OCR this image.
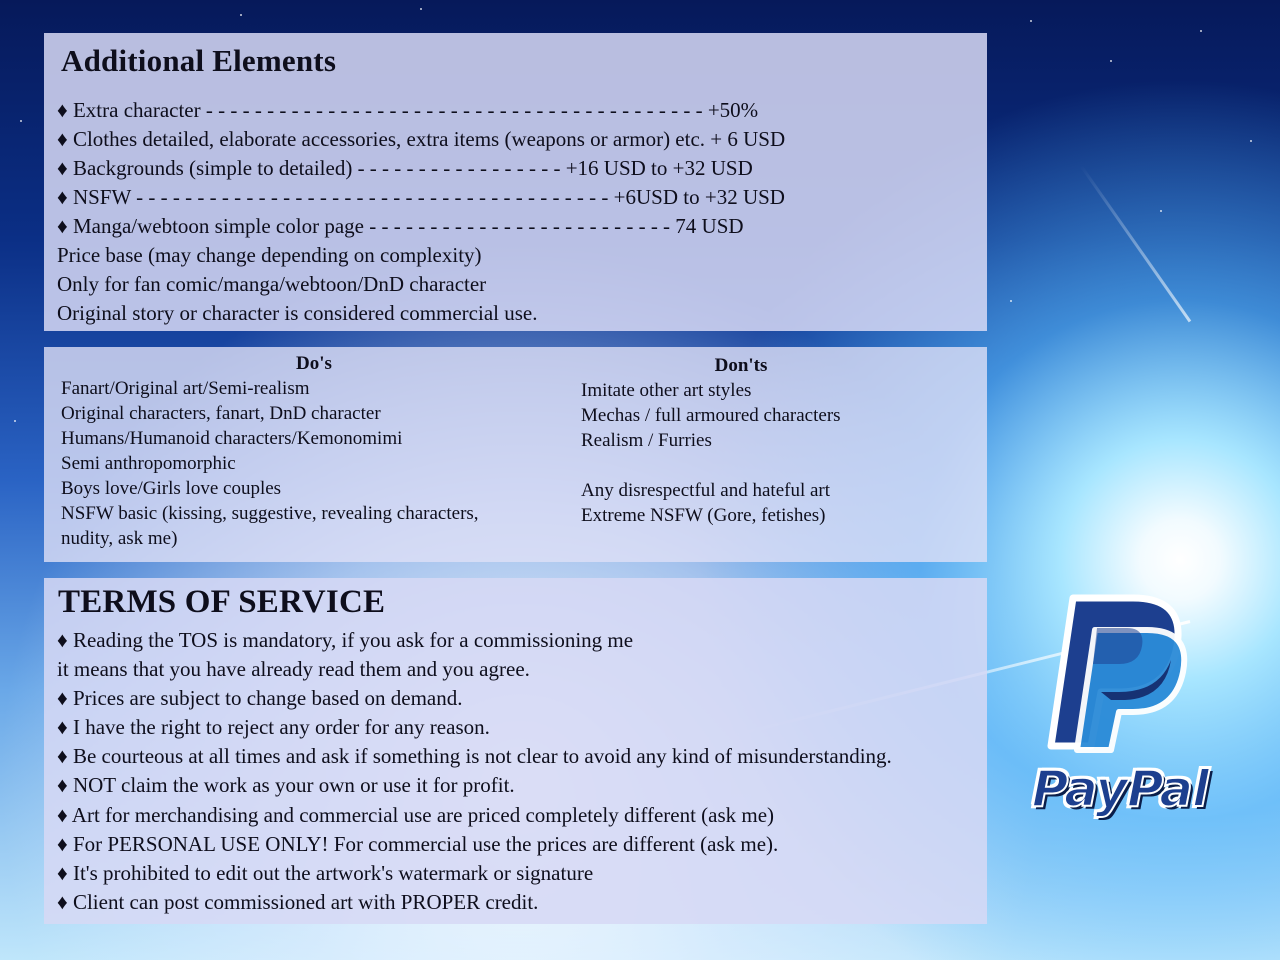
Additional Elements
♦ Extra character - - - - - - - - - - - - - - - - - - - - - - - - - - - - - - - - - - - - - - - - - +50%
♦ Clothes detailed, elaborate accessories, extra items (weapons or armor) etc. + 6 USD
♦ Backgrounds (simple to detailed) - - - - - - - - - - - - - - - - - +16 USD to +32 USD
♦ NSFW - - - - - - - - - - - - - - - - - - - - - - - - - - - - - - - - - - - - - - - +6USD to +32 USD
♦ Manga/webtoon simple color page - - - - - - - - - - - - - - - - - - - - - - - - - 74 USD
Price base (may change depending on complexity)
Only for fan comic/manga/webtoon/DnD character
Original story or character is considered commercial use.
Do's
Fanart/Original art/Semi-realism
Original characters, fanart, DnD character
Humans/Humanoid characters/Kemonomimi
Semi anthropomorphic
Boys love/Girls love couples
NSFW basic (kissing, suggestive, revealing characters,
nudity, ask me)
Don'ts
Imitate other art styles
Mechas / full armoured characters
Realism / Furries
Any disrespectful and hateful art
Extreme NSFW (Gore, fetishes)
TERMS OF SERVICE
♦ Reading the TOS is mandatory, if you ask for a commissioning me
it means that you have already read them and you agree.
♦ Prices are subject to change based on demand.
♦ I have the right to reject any order for any reason.
♦ Be courteous at all times and ask if something is not clear to avoid any kind of misunderstanding.
♦ NOT claim the work as your own or use it for profit.
♦ Art for merchandising and commercial use are priced completely different (ask me)
♦ For PERSONAL USE ONLY! For commercial use the prices are different (ask me).
♦ It's prohibited to edit out the artwork's watermark or signature
♦ Client can post commissioned art with PROPER credit.
PayPal
